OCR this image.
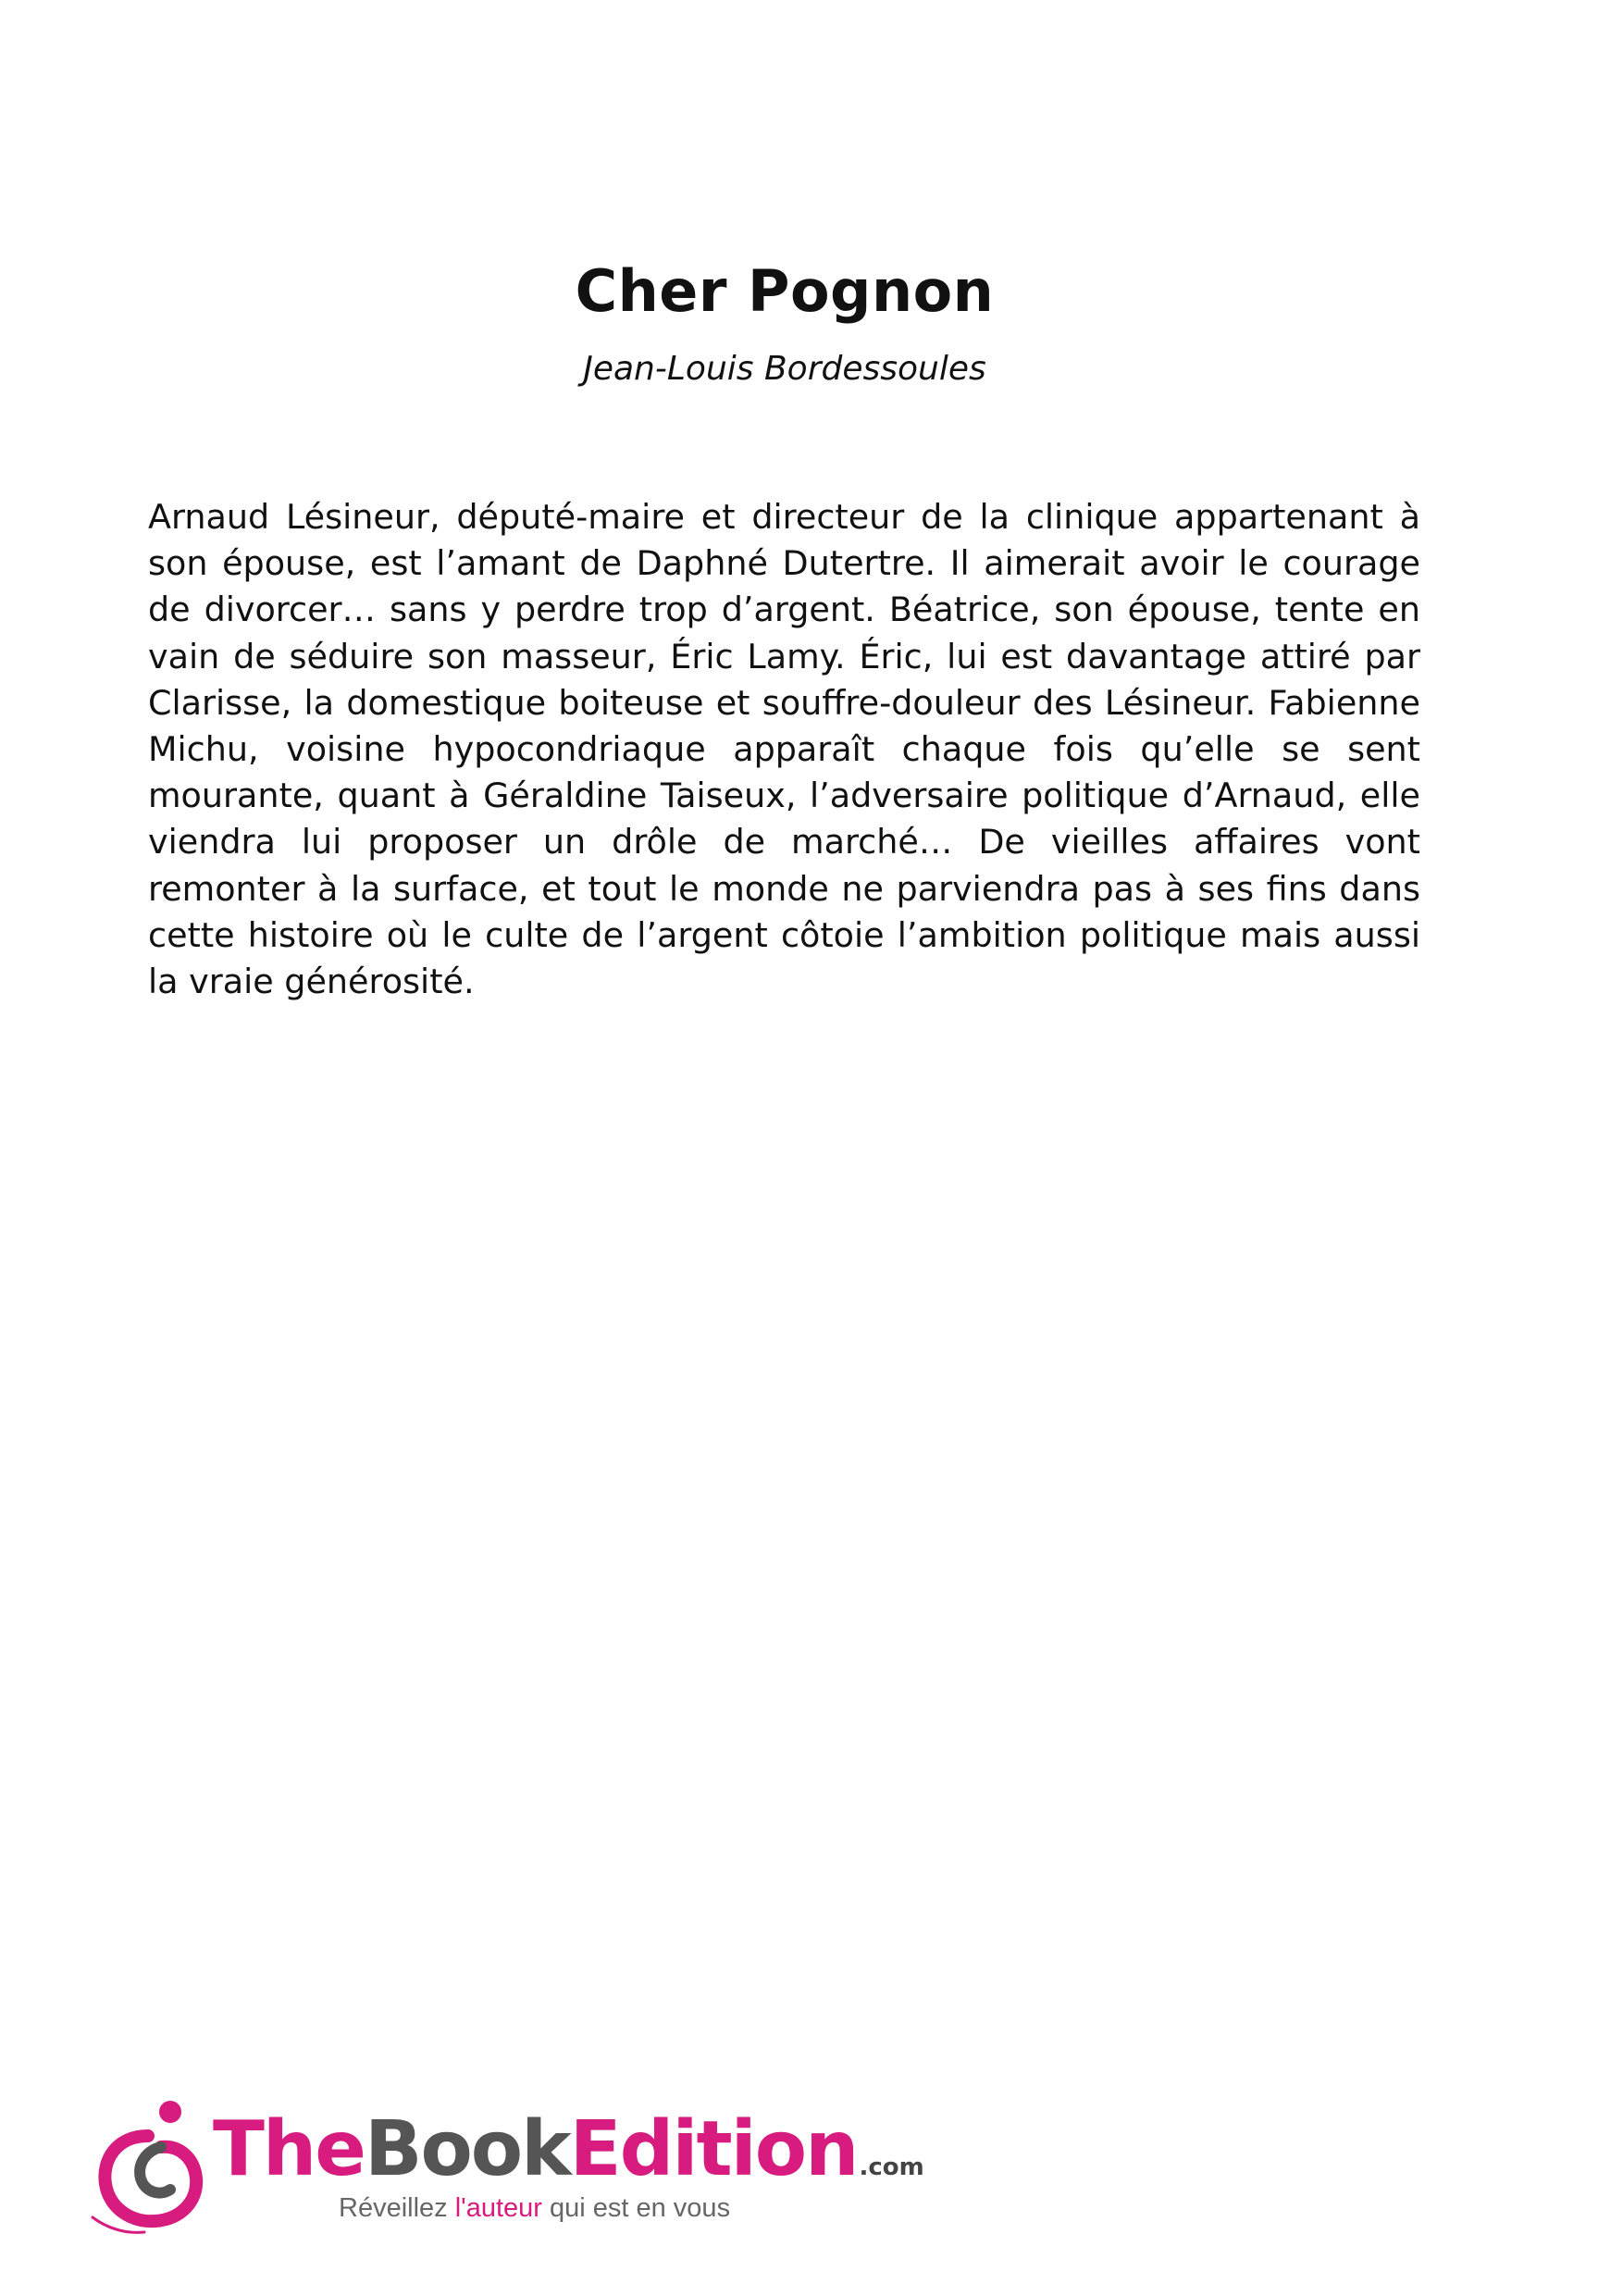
Cher Pognon
Jean-Louis Bordessoules

Arnaud Lésineur, député-maire et directeur de la clinique appartenant à son épouse, est l’amant de Daphné Dutertre. Il aimerait avoir le courage de divorcer… sans y perdre trop d’argent. Béatrice, son épouse, tente en vain de séduire son masseur, Éric Lamy. Éric, lui est davantage attiré par Clarisse, la domestique boiteuse et souffre-douleur des Lésineur. Fabienne Michu, voisine hypocondriaque apparaît chaque fois qu’elle se sent mourante, quant à Géraldine Taiseux, l’adversaire politique d’Arnaud, elle viendra lui proposer un drôle de marché… De vieilles affaires vont remonter à la surface, et tout le monde ne parviendra pas à ses fins dans cette histoire où le culte de l’argent côtoie l’ambition politique mais aussi la vraie générosité.

TheBookEdition.com
Réveillez l'auteur qui est en vous
